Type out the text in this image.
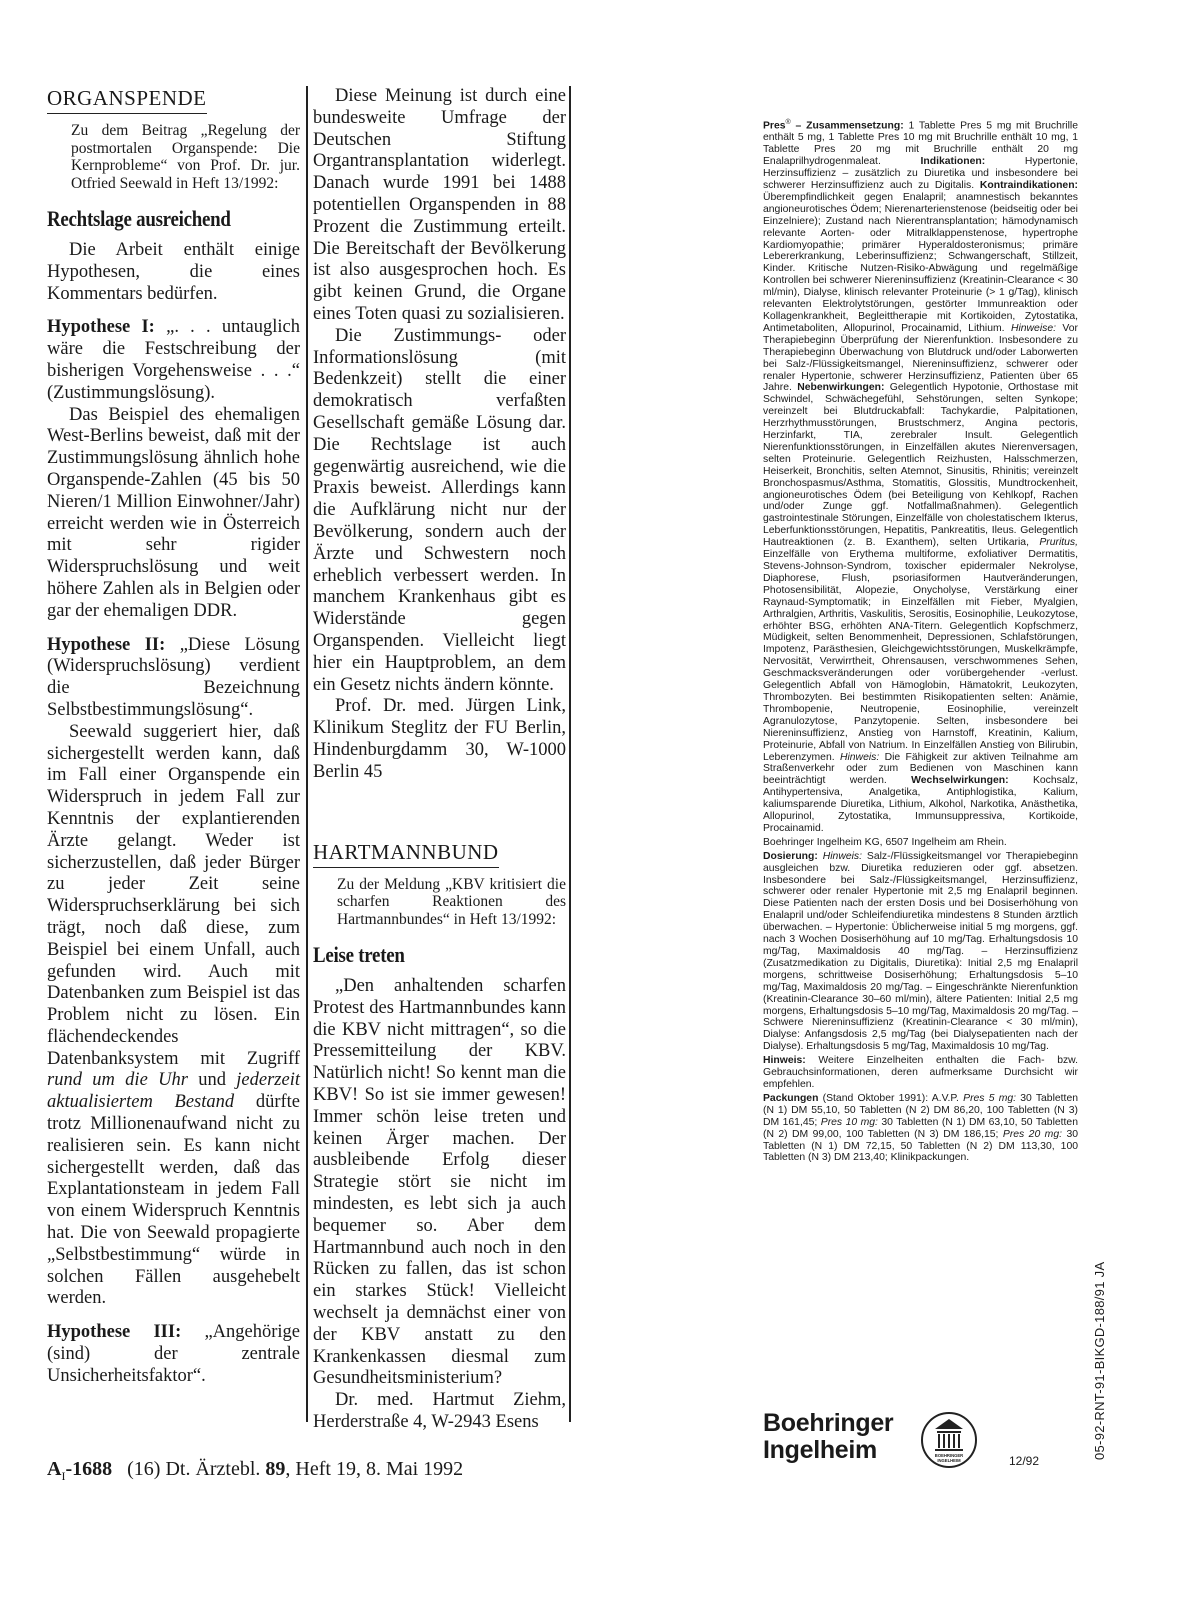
ORGANSPENDE

Zu dem Beitrag „Regelung der postmortalen Organspende: Die Kernprobleme“ von Prof. Dr. jur. Otfried Seewald in Heft 13/1992:

Rechtslage ausreichend

Die Arbeit enthält einige Hypothesen, die eines Kommentars bedürfen.

Hypothese I: „. . . untauglich wäre die Festschreibung der bisherigen Vorgehensweise . . .“ (Zustimmungslösung).

Das Beispiel des ehemaligen West-Berlins beweist, daß mit der Zustimmungslösung ähnlich hohe Organspende-Zahlen (45 bis 50 Nieren/1 Million Einwohner/Jahr) erreicht werden wie in Österreich mit sehr rigider Widerspruchslösung und weit höhere Zahlen als in Belgien oder gar der ehemaligen DDR.

Hypothese II: „Diese Lösung (Widerspruchslösung) verdient die Bezeichnung Selbstbestimmungslösung“.

Seewald suggeriert hier, daß sichergestellt werden kann, daß im Fall einer Organspende ein Widerspruch in jedem Fall zur Kenntnis der explantierenden Ärzte gelangt. Weder ist sicherzustellen, daß jeder Bürger zu jeder Zeit seine Widerspruchserklärung bei sich trägt, noch daß diese, zum Beispiel bei einem Unfall, auch gefunden wird. Auch mit Datenbanken zum Beispiel ist das Problem nicht zu lösen. Ein flächendeckendes Datenbanksystem mit Zugriff rund um die Uhr und jederzeit aktualisiertem Bestand dürfte trotz Millionenaufwand nicht zu realisieren sein. Es kann nicht sichergestellt werden, daß das Explantationsteam in jedem Fall von einem Widerspruch Kenntnis hat. Die von Seewald propagierte „Selbstbestimmung“ würde in solchen Fällen ausgehebelt werden.

Hypothese III: „Angehörige (sind) der zentrale Unsicherheitsfaktor“.

Diese Meinung ist durch eine bundesweite Umfrage der Deutschen Stiftung Organtransplantation widerlegt. Danach wurde 1991 bei 1488 potentiellen Organspenden in 88 Prozent die Zustimmung erteilt. Die Bereitschaft der Bevölkerung ist also ausgesprochen hoch. Es gibt keinen Grund, die Organe eines Toten quasi zu sozialisieren.

Die Zustimmungs- oder Informationslösung (mit Bedenkzeit) stellt die einer demokratisch verfaßten Gesellschaft gemäße Lösung dar. Die Rechtslage ist auch gegenwärtig ausreichend, wie die Praxis beweist. Allerdings kann die Aufklärung nicht nur der Bevölkerung, sondern auch der Ärzte und Schwestern noch erheblich verbessert werden. In manchem Krankenhaus gibt es Widerstände gegen Organspenden. Vielleicht liegt hier ein Hauptproblem, an dem ein Gesetz nichts ändern könnte.

Prof. Dr. med. Jürgen Link, Klinikum Steglitz der FU Berlin, Hindenburgdamm 30, W-1000 Berlin 45

HARTMANNBUND

Zu der Meldung „KBV kritisiert die scharfen Reaktionen des Hartmannbundes“ in Heft 13/1992:

Leise treten

„Den anhaltenden scharfen Protest des Hartmannbundes kann die KBV nicht mittragen“, so die Pressemitteilung der KBV. Natürlich nicht! So kennt man die KBV! So ist sie immer gewesen! Immer schön leise treten und keinen Ärger machen. Der ausbleibende Erfolg dieser Strategie stört sie nicht im mindesten, es lebt sich ja auch bequemer so. Aber dem Hartmannbund auch noch in den Rücken zu fallen, das ist schon ein starkes Stück! Vielleicht wechselt ja demnächst einer von der KBV anstatt zu den Krankenkassen diesmal zum Gesundheitsministerium?

Dr. med. Hartmut Ziehm, Herderstraße 4, W-2943 Esens

Pres® – Zusammensetzung: 1 Tablette Pres 5 mg mit Bruchrille enthält 5 mg, 1 Tablette Pres 10 mg mit Bruchrille enthält 10 mg, 1 Tablette Pres 20 mg mit Bruchrille enthält 20 mg Enalaprilhydrogenmaleat.	Indikationen:	Hypertonie, Herzinsuffizienz – zusätzlich zu Diuretika und insbesondere bei schwerer Herzinsuffizienz auch zu Digitalis. Kontraindikationen: Überempfindlichkeit gegen Enalapril; anamnestisch bekanntes angioneurotisches Ödem; Nierenarterienstenose (beidseitig oder bei Einzelniere); Zustand nach Nierentransplantation; hämodynamisch relevante Aorten- oder Mitralklappenstenose, hypertrophe Kardiomyopathie; primärer Hyperaldosteronismus; primäre Lebererkrankung, Leberinsuffizienz; Schwangerschaft, Stillzeit, Kinder. Kritische Nutzen-Risiko-Abwägung und regelmäßige Kontrollen bei schwerer Niereninsuffizienz (Kreatinin-Clearance < 30 ml/min), Dialyse, klinisch relevanter Proteinurie (> 1 g/Tag), klinisch relevanten Elektrolytstörungen, gestörter Immunreaktion oder Kollagenkrankheit, Begleittherapie mit Kortikoiden, Zytostatika, Antimetaboliten, Allopurinol, Procainamid, Lithium. Hinweise: Vor Therapiebeginn Überprüfung der Nierenfunktion. Insbesondere zu Therapiebeginn Überwachung von Blutdruck und/oder Laborwerten bei Salz-/Flüssigkeitsmangel, Niereninsuffizienz, schwerer oder renaler Hypertonie, schwerer Herzinsuffizienz, Patienten über 65 Jahre. Nebenwirkungen: Gelegentlich Hypotonie, Orthostase mit Schwindel, Schwächegefühl, Sehstörungen, selten Synkope; vereinzelt bei Blutdruckabfall: Tachykardie, Palpitationen, Herzrhythmusstörungen, Brustschmerz, Angina pectoris, Herzinfarkt, TIA, zerebraler Insult. Gelegentlich Nierenfunktionsstörungen, in Einzelfällen akutes Nierenversagen, selten Proteinurie. Gelegentlich Reizhusten, Halsschmerzen, Heiserkeit, Bronchitis, selten Atemnot, Sinusitis, Rhinitis; vereinzelt Bronchospasmus/Asthma, Stomatitis, Glossitis, Mundtrockenheit, angioneurotisches Ödem (bei Beteiligung von Kehlkopf, Rachen und/oder Zunge ggf. Notfallmaßnahmen). Gelegentlich gastrointestinale Störungen, Einzelfälle von cholestatischem Ikterus, Leberfunktionsstörungen, Hepatitis, Pankreatitis, Ileus. Gelegentlich Hautreaktionen (z. B. Exanthem), selten Urtikaria, Pruritus, Einzelfälle von Erythema multiforme, exfoliativer Dermatitis, Stevens-Johnson-Syndrom, toxischer epidermaler Nekrolyse, Diaphorese, Flush, psoriasiformen Hautveränderungen, Photosensibilität, Alopezie, Onycholyse, Verstärkung einer Raynaud-Symptomatik; in Einzelfällen mit Fieber, Myalgien, Arthralgien, Arthritis, Vaskulitis, Serositis, Eosinophilie, Leukozytose, erhöhter BSG, erhöhten ANA-Titern. Gelegentlich Kopfschmerz, Müdigkeit, selten Benommenheit, Depressionen, Schlafstörungen, Impotenz, Parästhesien, Gleichgewichtsstörungen, Muskelkrämpfe, Nervosität, Verwirrtheit, Ohrensausen, verschwommenes Sehen, Geschmacksveränderungen oder vorübergehender -verlust. Gelegentlich Abfall von Hämoglobin, Hämatokrit, Leukozyten, Thrombozyten. Bei bestimmten Risikopatienten selten: Anämie, Thrombopenie, Neutropenie, Eosinophilie, vereinzelt Agranulozytose, Panzytopenie. Selten, insbesondere bei Niereninsuffizienz, Anstieg von Harnstoff, Kreatinin, Kalium, Proteinurie, Abfall von Natrium. In Einzelfällen Anstieg von Bilirubin, Leberenzymen. Hinweis: Die Fähigkeit zur aktiven Teilnahme am Straßenverkehr oder zum Bedienen von Maschinen kann beeinträchtigt werden. Wechselwirkungen: Kochsalz, Antihypertensiva, Analgetika, Antiphlogistika, Kalium, kaliumsparende Diuretika, Lithium, Alkohol, Narkotika, Anästhetika, Allopurinol, Zytostatika, Immunsuppressiva, Kortikoide, Procainamid.

Boehringer Ingelheim KG, 6507 Ingelheim am Rhein.

Dosierung: Hinweis: Salz-/Flüssigkeitsmangel vor Therapiebeginn ausgleichen bzw. Diuretika reduzieren oder ggf. absetzen. Insbesondere bei Salz-/Flüssigkeitsmangel, Herzinsuffizienz, schwerer oder renaler Hypertonie mit 2,5 mg Enalapril beginnen. Diese Patienten nach der ersten Dosis und bei Dosiserhöhung von Enalapril und/oder Schleifendiuretika mindestens 8 Stunden ärztlich überwachen. – Hypertonie: Üblicherweise initial 5 mg morgens, ggf. nach 3 Wochen Dosiserhöhung auf 10 mg/Tag. Erhaltungsdosis 10 mg/Tag, Maximaldosis 40 mg/Tag. – Herzinsuffizienz (Zusatzmedikation zu Digitalis, Diuretika): Initial 2,5 mg Enalapril morgens, schrittweise Dosiserhöhung; Erhaltungsdosis 5–10 mg/Tag, Maximaldosis 20 mg/Tag. – Eingeschränkte Nierenfunktion (Kreatinin-Clearance 30–60 ml/min), ältere Patienten: Initial 2,5 mg morgens, Erhaltungsdosis 5–10 mg/Tag, Maximaldosis 20 mg/Tag. – Schwere Niereninsuffizienz (Kreatinin-Clearance < 30 ml/min), Dialyse: Anfangsdosis 2,5 mg/Tag (bei Dialysepatienten nach der Dialyse). Erhaltungsdosis 5 mg/Tag, Maximaldosis 10 mg/Tag.

Hinweis: Weitere Einzelheiten enthalten die Fach- bzw. Gebrauchsinformationen, deren aufmerksame Durchsicht wir empfehlen.

Packungen (Stand Oktober 1991): A.V.P. Pres 5 mg: 30 Tabletten (N 1) DM 55,10, 50 Tabletten (N 2) DM 86,20, 100 Tabletten (N 3) DM 161,45; Pres 10 mg: 30 Tabletten (N 1) DM 63,10, 50 Tabletten (N 2) DM 99,00, 100 Tabletten (N 3) DM 186,15; Pres 20 mg: 30 Tabletten (N 1) DM 72,15, 50 Tabletten (N 2) DM 113,30, 100 Tabletten (N 3) DM 213,40; Klinikpackungen.

Boehringer
Ingelheim	BOEHRINGER
INGELHEIM	12/92
05-92-RNT-91-BIKGD-188/91 JA
$A_I-1688$ (16) Dt. Ärztebl. 89, Heft 19, 8. Mai 1992
